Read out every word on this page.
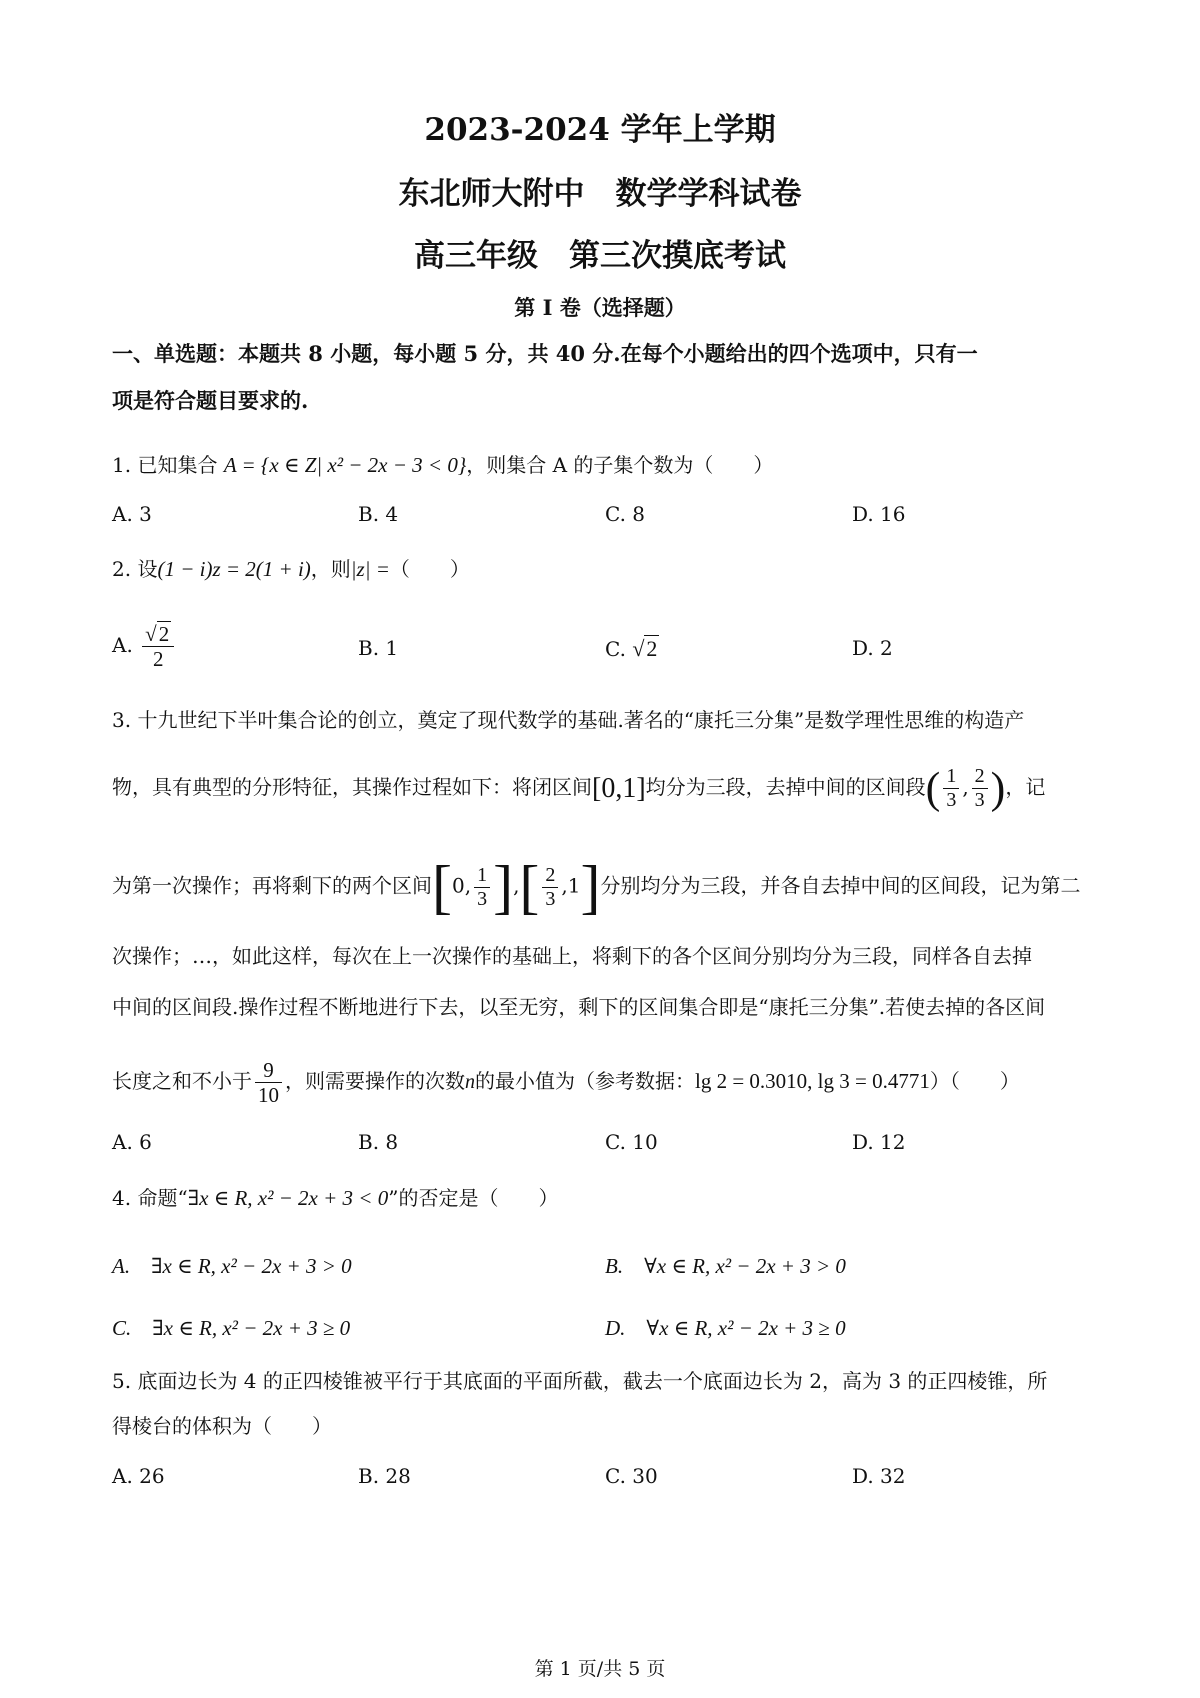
2023-2024 学年上学期
东北师大附中　数学学科试卷
高三年级　第三次摸底考试
第 I 卷（选择题）
一、单选题：本题共 8 小题，每小题 5 分，共 40 分.在每个小题给出的四个选项中，只有一
项是符合题目要求的.
1. 已知集合 A = {x ∈ Z| x² − 2x − 3 < 0}，则集合 A 的子集个数为（　　）
A. 3	B. 4	C. 8	D. 16
2. 设(1 − i)z = 2(1 + i)，则|z| =（　　）
A. $\frac{√2}{2}$	B. 1	C. √2	D. 2
3. 十九世纪下半叶集合论的创立，奠定了现代数学的基础.著名的“康托三分集”是数学理性思维的构造产
物，具有典型的分形特征，其操作过程如下：将闭区间[0,1]均分为三段，去掉中间的区间段( $\frac{1}{3}$ , $\frac{2}{3}$ )，记
为第一次操作；再将剩下的两个区间[0, $\frac{1}{3}$ ],[ $\frac{2}{3} ,1$]分别均分为三段，并各自去掉中间的区间段，记为第二
次操作；…，如此这样，每次在上一次操作的基础上，将剩下的各个区间分别均分为三段，同样各自去掉
中间的区间段.操作过程不断地进行下去，以至无穷，剩下的区间集合即是“康托三分集”.若使去掉的各区间
长度之和不小于 $\frac{9}{10}$ ，则需要操作的次数n的最小值为（参考数据：lg 2 = 0.3010, lg 3 = 0.4771）（　　）
A. 6	B. 8	C. 10	D. 12
4. 命题“∃x ∈ R, x² − 2x + 3 < 0”的否定是（　　）
A.　∃x ∈ R, x² − 2x + 3 > 0	B.　∀x ∈ R, x² − 2x + 3 > 0
C.　∃x ∈ R, x² − 2x + 3 ≥ 0	D.　∀x ∈ R, x² − 2x + 3 ≥ 0
5. 底面边长为 4 的正四棱锥被平行于其底面的平面所截，截去一个底面边长为 2，高为 3 的正四棱锥，所
得棱台的体积为（　　）
A. 26	B. 28	C. 30	D. 32
第 1 页/共 5 页
